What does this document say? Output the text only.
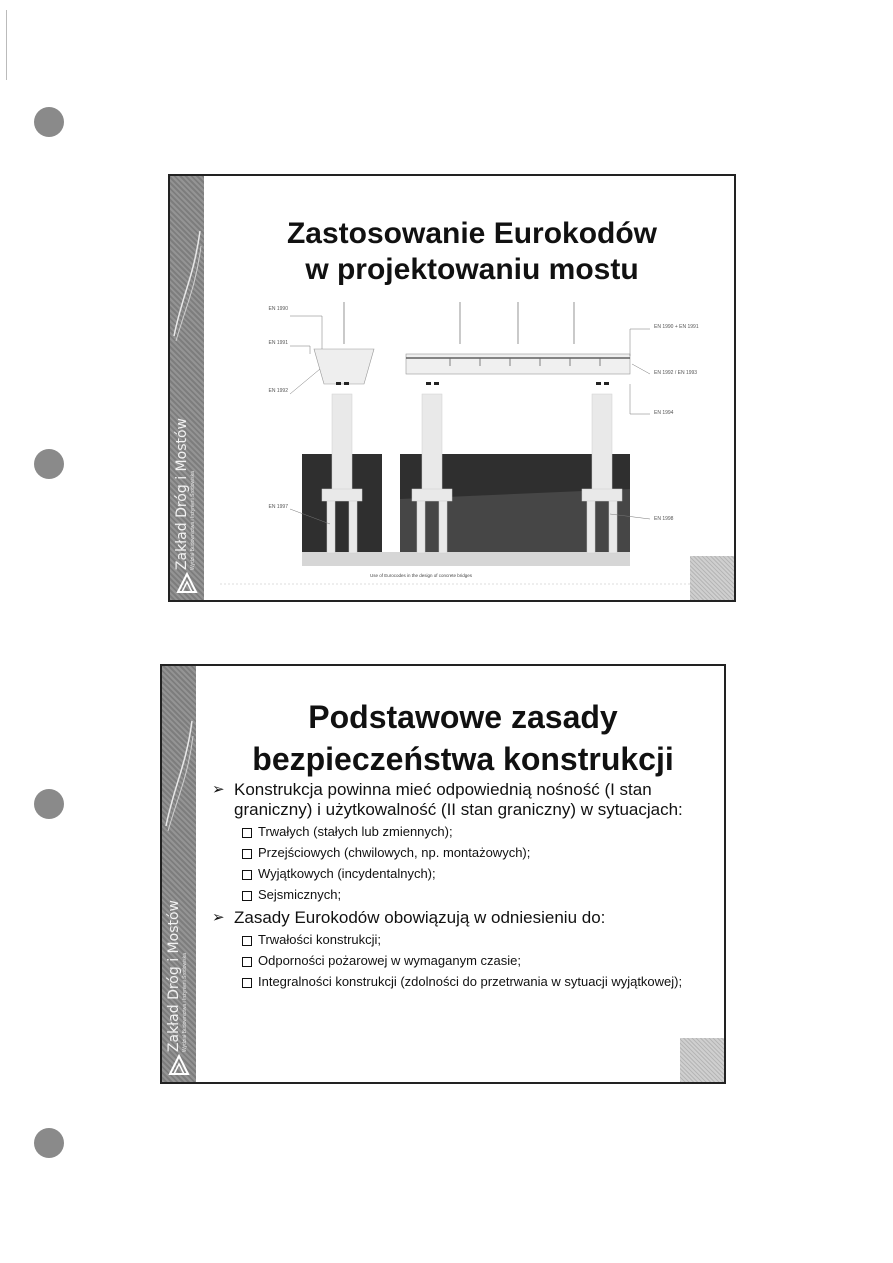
Zakład Dróg i Mostów Wydział Budownictwa i Inżynierii Środowiska
Zastosowanie Eurokodów
w projektowaniu mostu
EN 1990
EN 1991
EN 1992
EN 1997
EN 1990 + EN 1991
EN 1992 / EN 1993
EN 1994
EN 1998
Use of Eurocodes in the design of concrete bridges
Zakład Dróg i Mostów Wydział Budownictwa i Inżynierii Środowiska
Podstawowe zasady
bezpieczeństwa konstrukcji
➢ Konstrukcja powinna mieć odpowiednią nośność (I stan graniczny) i użytkowalność (II stan graniczny) w sytuacjach:
Trwałych (stałych lub zmiennych);
Przejściowych (chwilowych, np. montażowych);
Wyjątkowych (incydentalnych);
Sejsmicznych;
➢ Zasady Eurokodów obowiązują w odniesieniu do:
Trwałości konstrukcji;
Odporności pożarowej w wymaganym czasie;
Integralności konstrukcji (zdolności do przetrwania w sytuacji wyjątkowej);
